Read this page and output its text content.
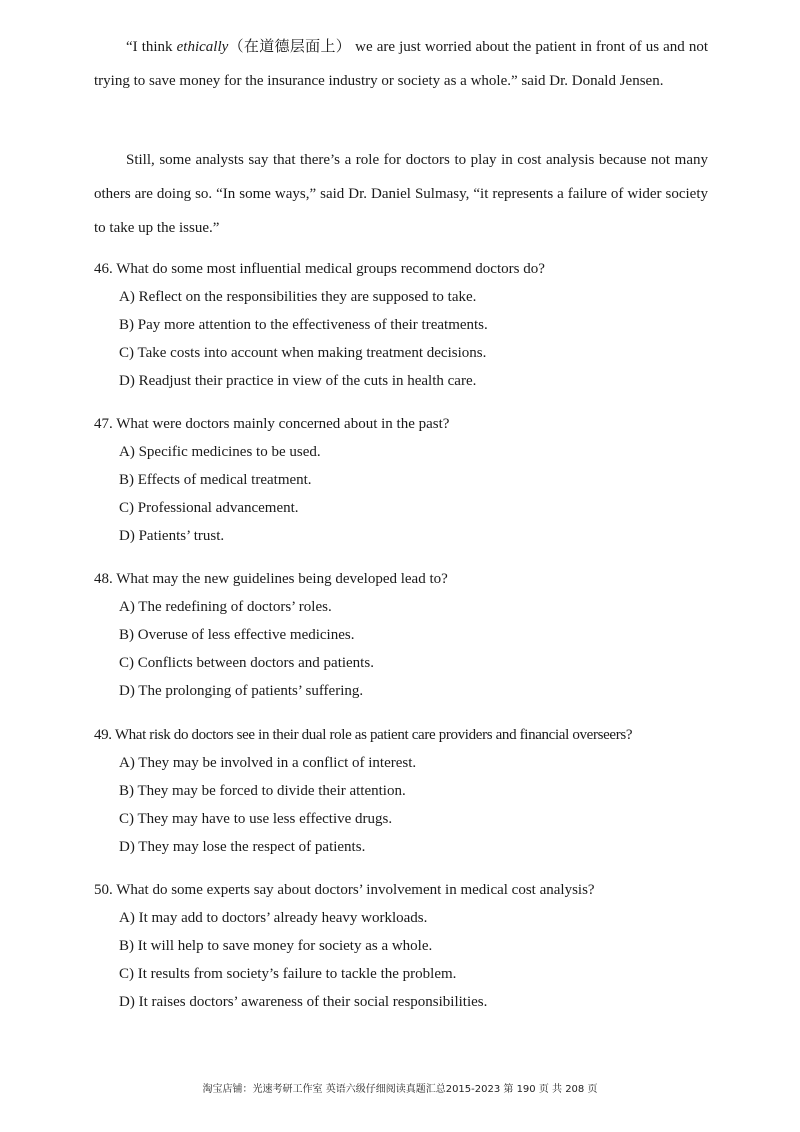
“I think ethically（在道德层面上） we are just worried about the patient in front of us and not trying to save money for the insurance industry or society as a whole.” said Dr. Donald Jensen.

Still, some analysts say that there’s a role for doctors to play in cost analysis because not many others are doing so. “In some ways,” said Dr. Daniel Sulmasy, “it represents a failure of wider society to take up the issue.”

46. What do some most influential medical groups recommend doctors do?

A) Reflect on the responsibilities they are supposed to take.

B) Pay more attention to the effectiveness of their treatments.

C) Take costs into account when making treatment decisions.

D) Readjust their practice in view of the cuts in health care.

47. What were doctors mainly concerned about in the past?

A) Specific medicines to be used.

B) Effects of medical treatment.

C) Professional advancement.

D) Patients’ trust.

48. What may the new guidelines being developed lead to?

A) The redefining of doctors’ roles.

B) Overuse of less effective medicines.

C) Conflicts between doctors and patients.

D) The prolonging of patients’ suffering.

49. What risk do doctors see in their dual role as patient care providers and financial overseers?

A) They may be involved in a conflict of interest.

B) They may be forced to divide their attention.

C) They may have to use less effective drugs.

D) They may lose the respect of patients.

50. What do some experts say about doctors’ involvement in medical cost analysis?

A) It may add to doctors’ already heavy workloads.

B) It will help to save money for society as a whole.

C) It results from society’s failure to tackle the problem.

D) It raises doctors’ awareness of their social responsibilities.

淘宝店铺：光速考研工作室 英语六级仔细阅读真题汇总2015-2023 第 190 页 共 208 页
